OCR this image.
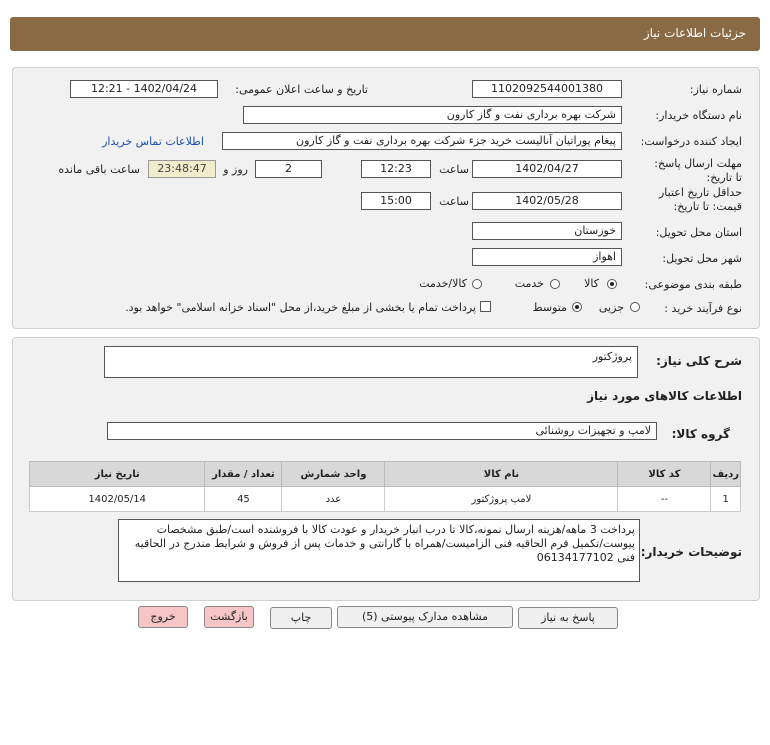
جزئیات اطلاعات نیاز
شماره نیاز:
1102092544001380
تاریخ و ساعت اعلان عمومی:
1402/04/24 - 12:21
نام دستگاه خریدار:
شرکت بهره برداری نفت و گاز کارون
ایجاد کننده درخواست:
پیغام پوراتیان آنالیست خرید جزء شرکت بهره برداری نفت و گاز کارون
اطلاعات تماس خریدار
مهلت ارسال پاسخ: تا تاریخ:
1402/04/27
ساعت
12:23
2
روز و
23:48:47
ساعت باقی مانده
حداقل تاریخ اعتبار قیمت: تا تاریخ:
1402/05/28
ساعت
15:00
استان محل تحویل:
خوزستان
شهر محل تحویل:
اهواز
طبقه بندی موضوعی:
کالا
خدمت
کالا/خدمت
نوع فرآیند خرید :
جزیی
متوسط
پرداخت تمام یا بخشی از مبلغ خرید،از محل "اسناد خزانه اسلامی" خواهد بود.
شرح کلی نیاز:
پروژکتور
اطلاعات کالاهای مورد نیاز
گروه کالا:
لامپ و تجهیزات روشنائی
ردیف	کد کالا	نام کالا	واحد شمارش	تعداد / مقدار	تاریخ نیاز
1	--	لامپ پروژکتور	عدد	45	1402/05/14
توضیحات خریدار:
پرداخت 3 ماهه/هزینه ارسال نمونه،کالا تا درب انبار خریدار و عودت کالا با فروشنده است/طبق مشخصات پیوست/تکمیل فرم الحاقیه فنی الزامیست/همراه با گارانتی و خدمات پس از فروش و شرایط مندرج در الحاقیه فنی 06134177102
پاسخ به نیاز
مشاهده مدارک پیوستی (5)
چاپ
بازگشت
خروج
